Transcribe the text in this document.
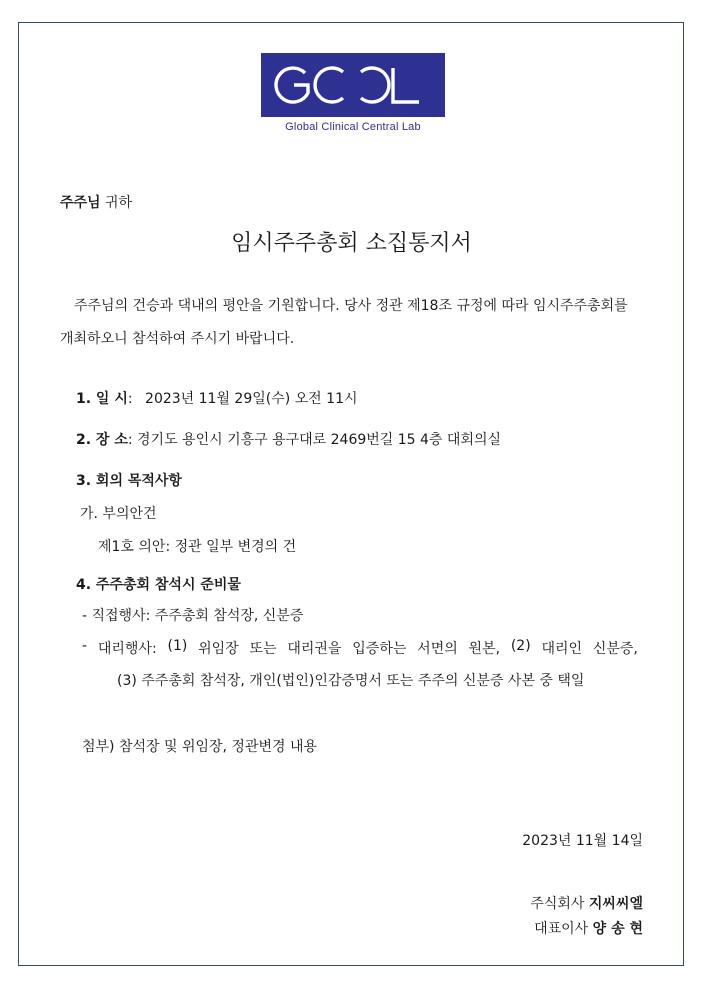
Global Clinical Central Lab
주주님 귀하
임시주주총회 소집통지서
주주님의 건승과 댁내의 평안을 기원합니다. 당사 정관 제18조 규정에 따라 임시주주총회를 개최하오니 참석하여 주시기 바랍니다.
1. 일 시: 2023년 11월 29일(수) 오전 11시
2. 장 소: 경기도 용인시 기흥구 용구대로 2469번길 15 4층 대회의실
3. 회의 목적사항
가. 부의안건
제1호 의안: 정관 일부 변경의 건
4. 주주총회 참석시 준비물
- 직접행사: 주주총회 참석장, 신분증
- 대리행사: (1) 위임장 또는 대리권을 입증하는 서면의 원본, (2) 대리인 신분증,
(3) 주주총회 참석장, 개인(법인)인감증명서 또는 주주의 신분증 사본 중 택일
첨부) 참석장 및 위임장, 정관변경 내용
2023년 11월 14일
주식회사 지씨씨엘
대표이사 양 송 현
